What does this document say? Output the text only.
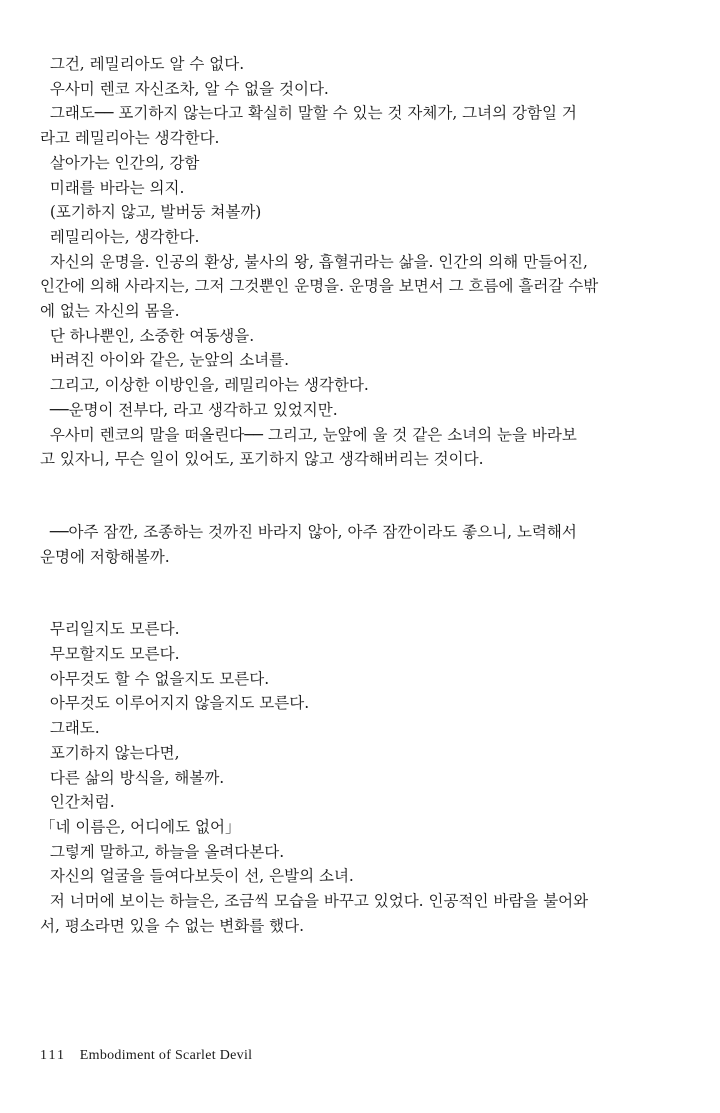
그건, 레밀리아도 알 수 없다.

우사미 렌코 자신조차, 알 수 없을 것이다.

그래도── 포기하지 않는다고 확실히 말할 수 있는 것 자체가, 그녀의 강함일 거

라고 레밀리아는 생각한다.

살아가는 인간의, 강함

미래를 바라는 의지.

(포기하지 않고, 발버둥 쳐볼까)

레밀리아는, 생각한다.

자신의 운명을. 인공의 환상, 불사의 왕, 흡혈귀라는 삶을. 인간의 의해 만들어진,

인간에 의해 사라지는, 그저 그것뿐인 운명을. 운명을 보면서 그 흐름에 흘러갈 수밖

에 없는 자신의 몸을.

단 하나뿐인, 소중한 여동생을.

버려진 아이와 같은, 눈앞의 소녀를.

그리고, 이상한 이방인을, 레밀리아는 생각한다.

──운명이 전부다, 라고 생각하고 있었지만.

우사미 렌코의 말을 떠올린다── 그리고, 눈앞에 울 것 같은 소녀의 눈을 바라보

고 있자니, 무슨 일이 있어도, 포기하지 않고 생각해버리는 것이다.

──아주 잠깐, 조종하는 것까진 바라지 않아, 아주 잠깐이라도 좋으니, 노력해서

운명에 저항해볼까.

무리일지도 모른다.

무모할지도 모른다.

아무것도 할 수 없을지도 모른다.

아무것도 이루어지지 않을지도 모른다.

그래도.

포기하지 않는다면,

다른 삶의 방식을, 해볼까.

인간처럼.

「네 이름은, 어디에도 없어」

그렇게 말하고, 하늘을 올려다본다.

자신의 얼굴을 들여다보듯이 선, 은발의 소녀.

저 너머에 보이는 하늘은, 조금씩 모습을 바꾸고 있었다. 인공적인 바람을 불어와

서, 평소라면 있을 수 없는 변화를 했다.

111 Embodiment of Scarlet Devil
